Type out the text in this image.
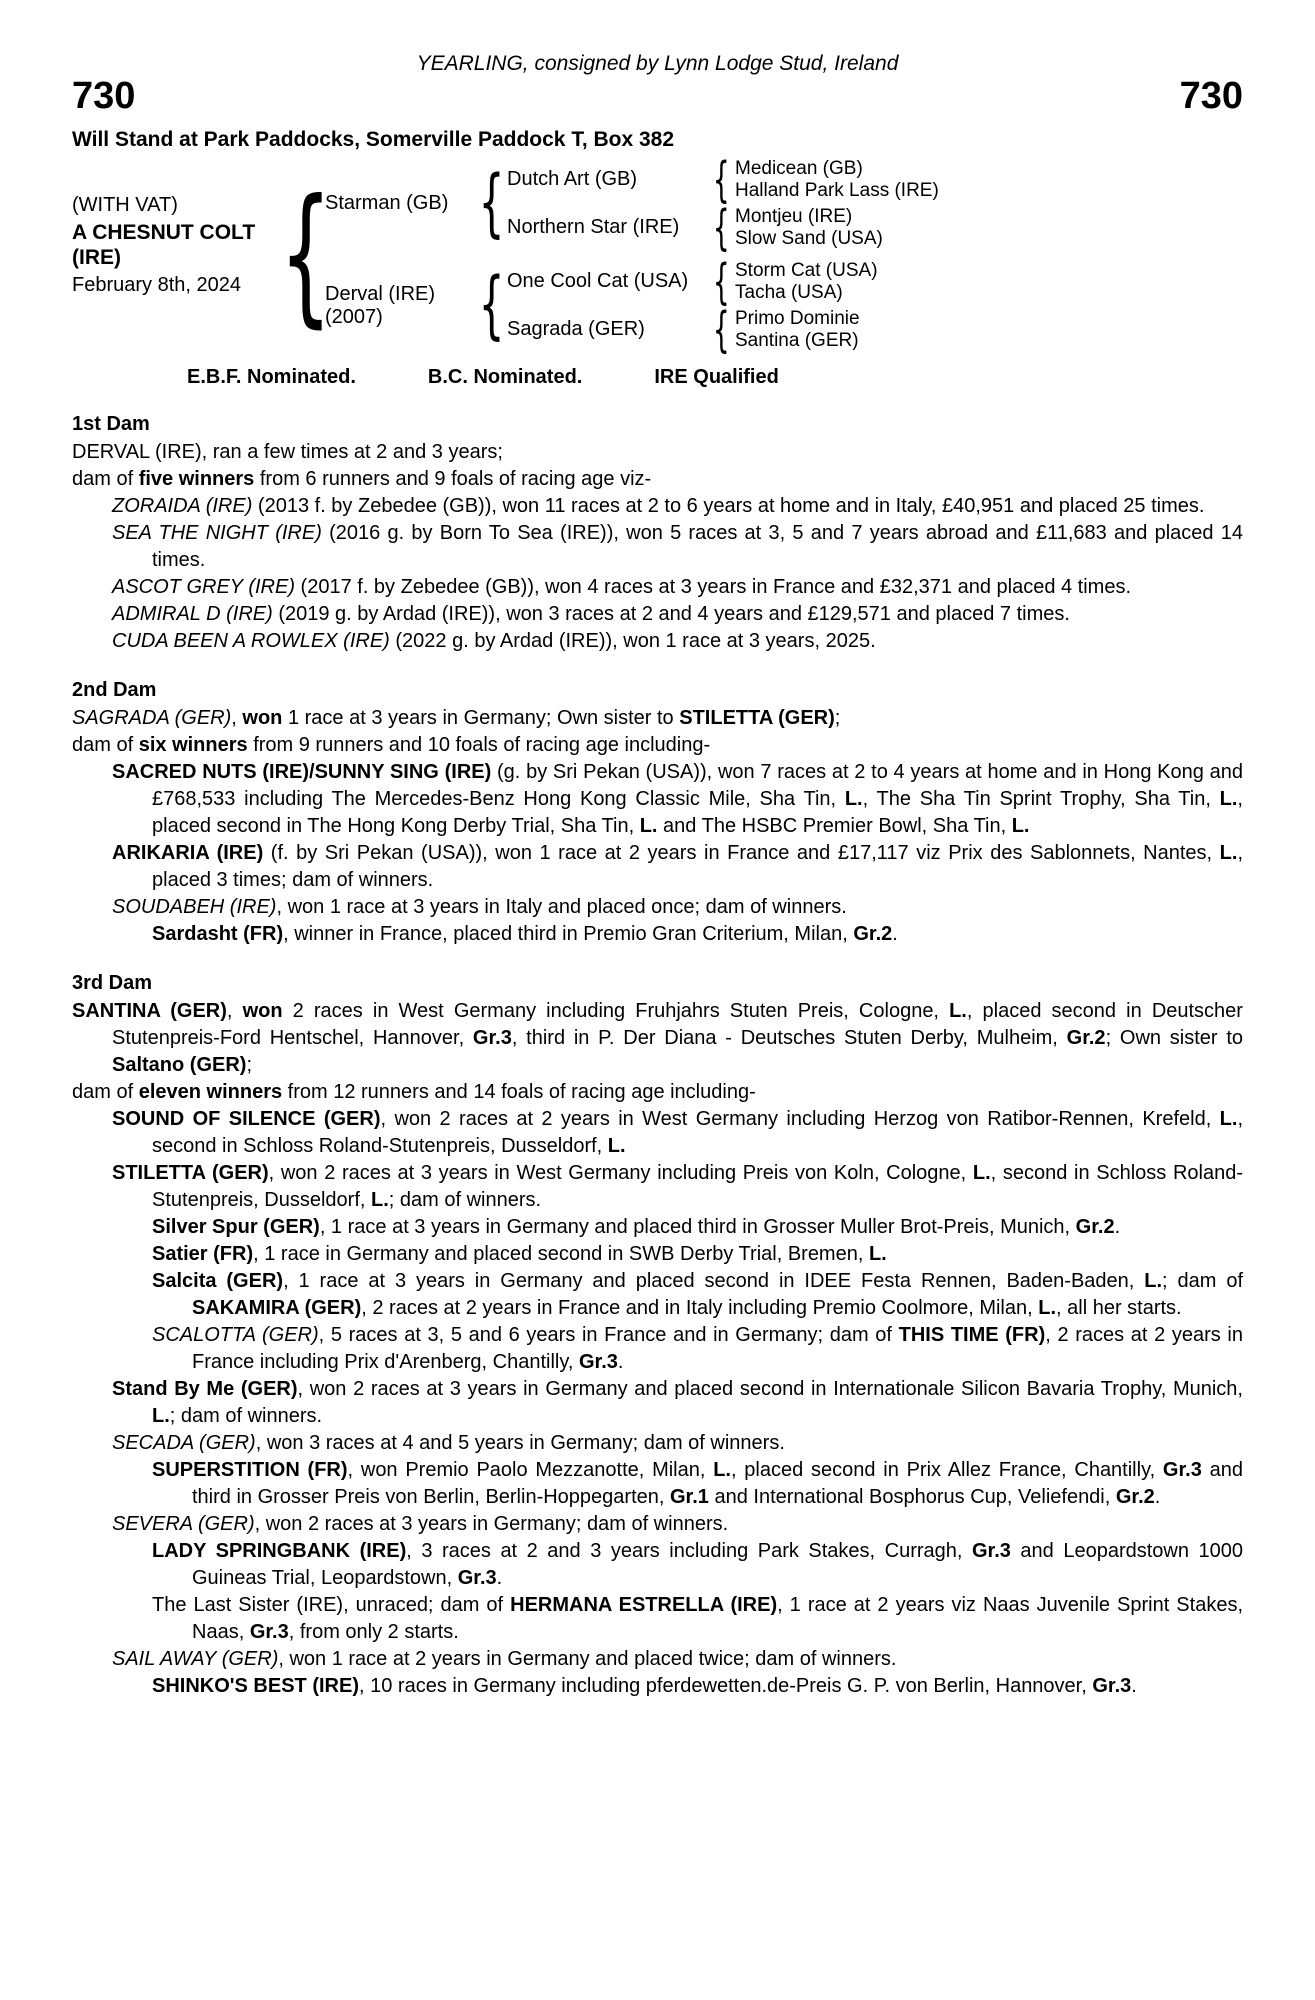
YEARLING, consigned by Lynn Lodge Stud, Ireland
730	730
Will Stand at Park Paddocks, Somerville Paddock T, Box 382
(WITH VAT)
A CHESNUT COLT
(IRE)
February 8th, 2024
{
Starman (GB)
{
Dutch Art (GB) {	Medicean (GB)
Halland Park Lass (IRE)
Northern Star (IRE) {	Montjeu (IRE)
Slow Sand (USA)
Derval (IRE)
(2007)
{
One Cool Cat (USA) {	Storm Cat (USA)
Tacha (USA)
Sagrada (GER) {	Primo Dominie
Santina (GER)
E.B.F. Nominated.	B.C. Nominated.	IRE Qualified
1st Dam

DERVAL (IRE), ran a few times at 2 and 3 years;

dam of five winners from 6 runners and 9 foals of racing age viz-

ZORAIDA (IRE) (2013 f. by Zebedee (GB)), won 11 races at 2 to 6 years at home and in Italy, £40,951 and placed 25 times.

SEA THE NIGHT (IRE) (2016 g. by Born To Sea (IRE)), won 5 races at 3, 5 and 7 years abroad and £11,683 and placed 14 times.

ASCOT GREY (IRE) (2017 f. by Zebedee (GB)), won 4 races at 3 years in France and £32,371 and placed 4 times.

ADMIRAL D (IRE) (2019 g. by Ardad (IRE)), won 3 races at 2 and 4 years and £129,571 and placed 7 times.

CUDA BEEN A ROWLEX (IRE) (2022 g. by Ardad (IRE)), won 1 race at 3 years, 2025.

2nd Dam

SAGRADA (GER), won 1 race at 3 years in Germany; Own sister to STILETTA (GER);

dam of six winners from 9 runners and 10 foals of racing age including-

SACRED NUTS (IRE)/SUNNY SING (IRE) (g. by Sri Pekan (USA)), won 7 races at 2 to 4 years at home and in Hong Kong and £768,533 including The Mercedes-Benz Hong Kong Classic Mile, Sha Tin, L., The Sha Tin Sprint Trophy, Sha Tin, L., placed second in The Hong Kong Derby Trial, Sha Tin, L. and The HSBC Premier Bowl, Sha Tin, L.

ARIKARIA (IRE) (f. by Sri Pekan (USA)), won 1 race at 2 years in France and £17,117 viz Prix des Sablonnets, Nantes, L., placed 3 times; dam of winners.

SOUDABEH (IRE), won 1 race at 3 years in Italy and placed once; dam of winners.

Sardasht (FR), winner in France, placed third in Premio Gran Criterium, Milan, Gr.2.

3rd Dam

SANTINA (GER), won 2 races in West Germany including Fruhjahrs Stuten Preis, Cologne, L., placed second in Deutscher Stutenpreis-Ford Hentschel, Hannover, Gr.3, third in P. Der Diana - Deutsches Stuten Derby, Mulheim, Gr.2; Own sister to Saltano (GER);

dam of eleven winners from 12 runners and 14 foals of racing age including-

SOUND OF SILENCE (GER), won 2 races at 2 years in West Germany including Herzog von Ratibor-Rennen, Krefeld, L., second in Schloss Roland-Stutenpreis, Dusseldorf, L.

STILETTA (GER), won 2 races at 3 years in West Germany including Preis von Koln, Cologne, L., second in Schloss Roland-Stutenpreis, Dusseldorf, L.; dam of winners.

Silver Spur (GER), 1 race at 3 years in Germany and placed third in Grosser Muller Brot-Preis, Munich, Gr.2.

Satier (FR), 1 race in Germany and placed second in SWB Derby Trial, Bremen, L.

Salcita (GER), 1 race at 3 years in Germany and placed second in IDEE Festa Rennen, Baden-Baden, L.; dam of SAKAMIRA (GER), 2 races at 2 years in France and in Italy including Premio Coolmore, Milan, L., all her starts.

SCALOTTA (GER), 5 races at 3, 5 and 6 years in France and in Germany; dam of THIS TIME (FR), 2 races at 2 years in France including Prix d'Arenberg, Chantilly, Gr.3.

Stand By Me (GER), won 2 races at 3 years in Germany and placed second in Internationale Silicon Bavaria Trophy, Munich, L.; dam of winners.

SECADA (GER), won 3 races at 4 and 5 years in Germany; dam of winners.

SUPERSTITION (FR), won Premio Paolo Mezzanotte, Milan, L., placed second in Prix Allez France, Chantilly, Gr.3 and third in Grosser Preis von Berlin, Berlin-Hoppegarten, Gr.1 and International Bosphorus Cup, Veliefendi, Gr.2.

SEVERA (GER), won 2 races at 3 years in Germany; dam of winners.

LADY SPRINGBANK (IRE), 3 races at 2 and 3 years including Park Stakes, Curragh, Gr.3 and Leopardstown 1000 Guineas Trial, Leopardstown, Gr.3.

The Last Sister (IRE), unraced; dam of HERMANA ESTRELLA (IRE), 1 race at 2 years viz Naas Juvenile Sprint Stakes, Naas, Gr.3, from only 2 starts.

SAIL AWAY (GER), won 1 race at 2 years in Germany and placed twice; dam of winners.

SHINKO'S BEST (IRE), 10 races in Germany including pferdewetten.de-Preis G. P. von Berlin, Hannover, Gr.3.
